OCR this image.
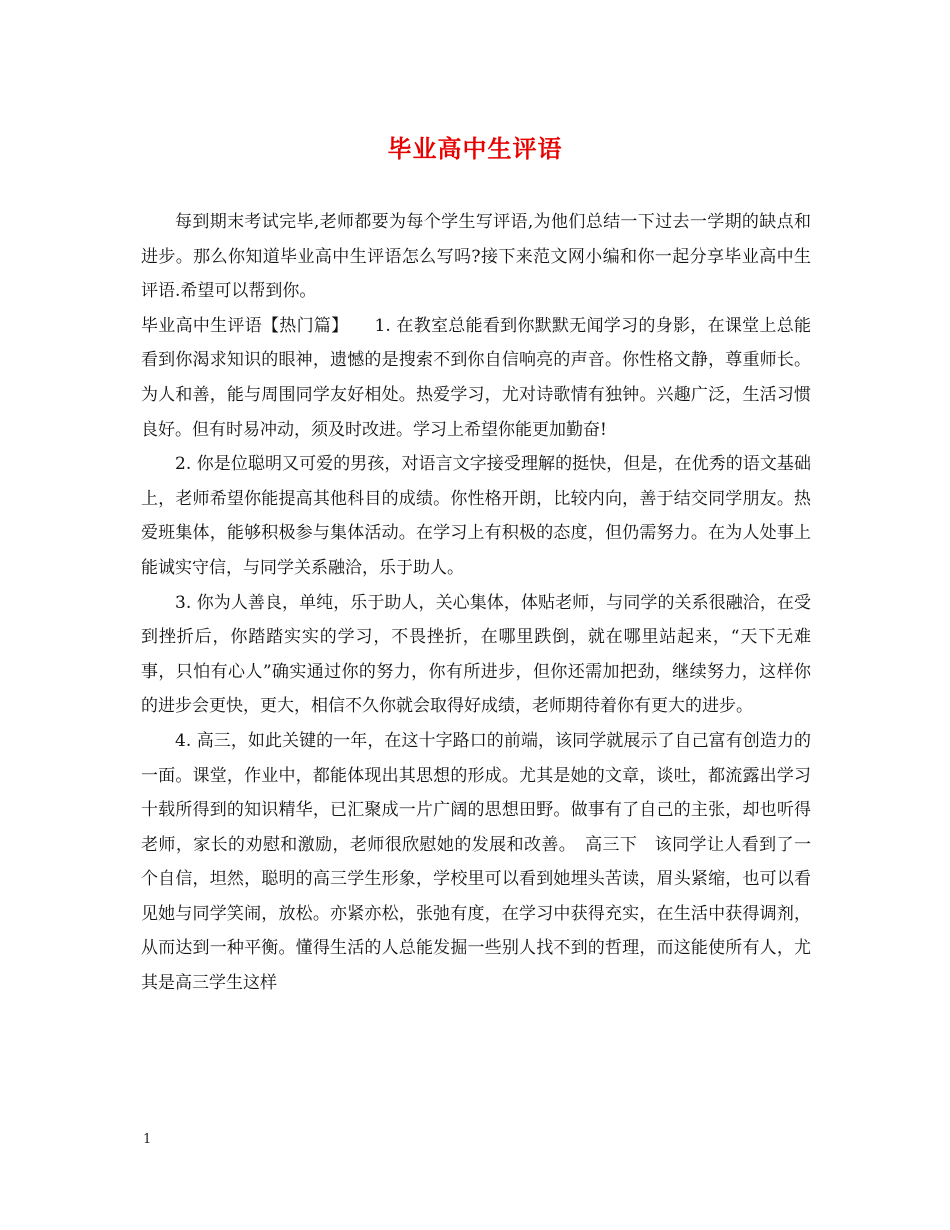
毕业高中生评语

每到期末考试完毕,老师都要为每个学生写评语,为他们总结一下过去一学期的缺点和进步。那么你知道毕业高中生评语怎么写吗?接下来范文网小编和你一起分享毕业高中生评语.希望可以帮到你。

毕业高中生评语【热门篇】　　1. 在教室总能看到你默默无闻学习的身影，在课堂上总能看到你渴求知识的眼神，遗憾的是搜索不到你自信响亮的声音。你性格文静，尊重师长。为人和善，能与周围同学友好相处。热爱学习，尤对诗歌情有独钟。兴趣广泛，生活习惯良好。但有时易冲动，须及时改进。学习上希望你能更加勤奋!

2. 你是位聪明又可爱的男孩，对语言文字接受理解的挺快，但是，在优秀的语文基础上，老师希望你能提高其他科目的成绩。你性格开朗，比较内向，善于结交同学朋友。热爱班集体，能够积极参与集体活动。在学习上有积极的态度，但仍需努力。在为人处事上能诚实守信，与同学关系融洽，乐于助人。

3. 你为人善良，单纯，乐于助人，关心集体，体贴老师，与同学的关系很融洽，在受到挫折后，你踏踏实实的学习，不畏挫折，在哪里跌倒，就在哪里站起来，“天下无难事，只怕有心人”确实通过你的努力，你有所进步，但你还需加把劲，继续努力，这样你的进步会更快，更大，相信不久你就会取得好成绩，老师期待着你有更大的进步。

4. 高三，如此关键的一年，在这十字路口的前端，该同学就展示了自己富有创造力的一面。课堂，作业中，都能体现出其思想的形成。尤其是她的文章，谈吐，都流露出学习十载所得到的知识精华，已汇聚成一片广阔的思想田野。做事有了自己的主张，却也听得老师，家长的劝慰和激励，老师很欣慰她的发展和改善。　高三下　该同学让人看到了一个自信，坦然，聪明的高三学生形象，学校里可以看到她埋头苦读，眉头紧缩，也可以看见她与同学笑闹，放松。亦紧亦松，张弛有度，在学习中获得充实，在生活中获得调剂，从而达到一种平衡。懂得生活的人总能发掘一些别人找不到的哲理，而这能使所有人，尤其是高三学生这样

1
